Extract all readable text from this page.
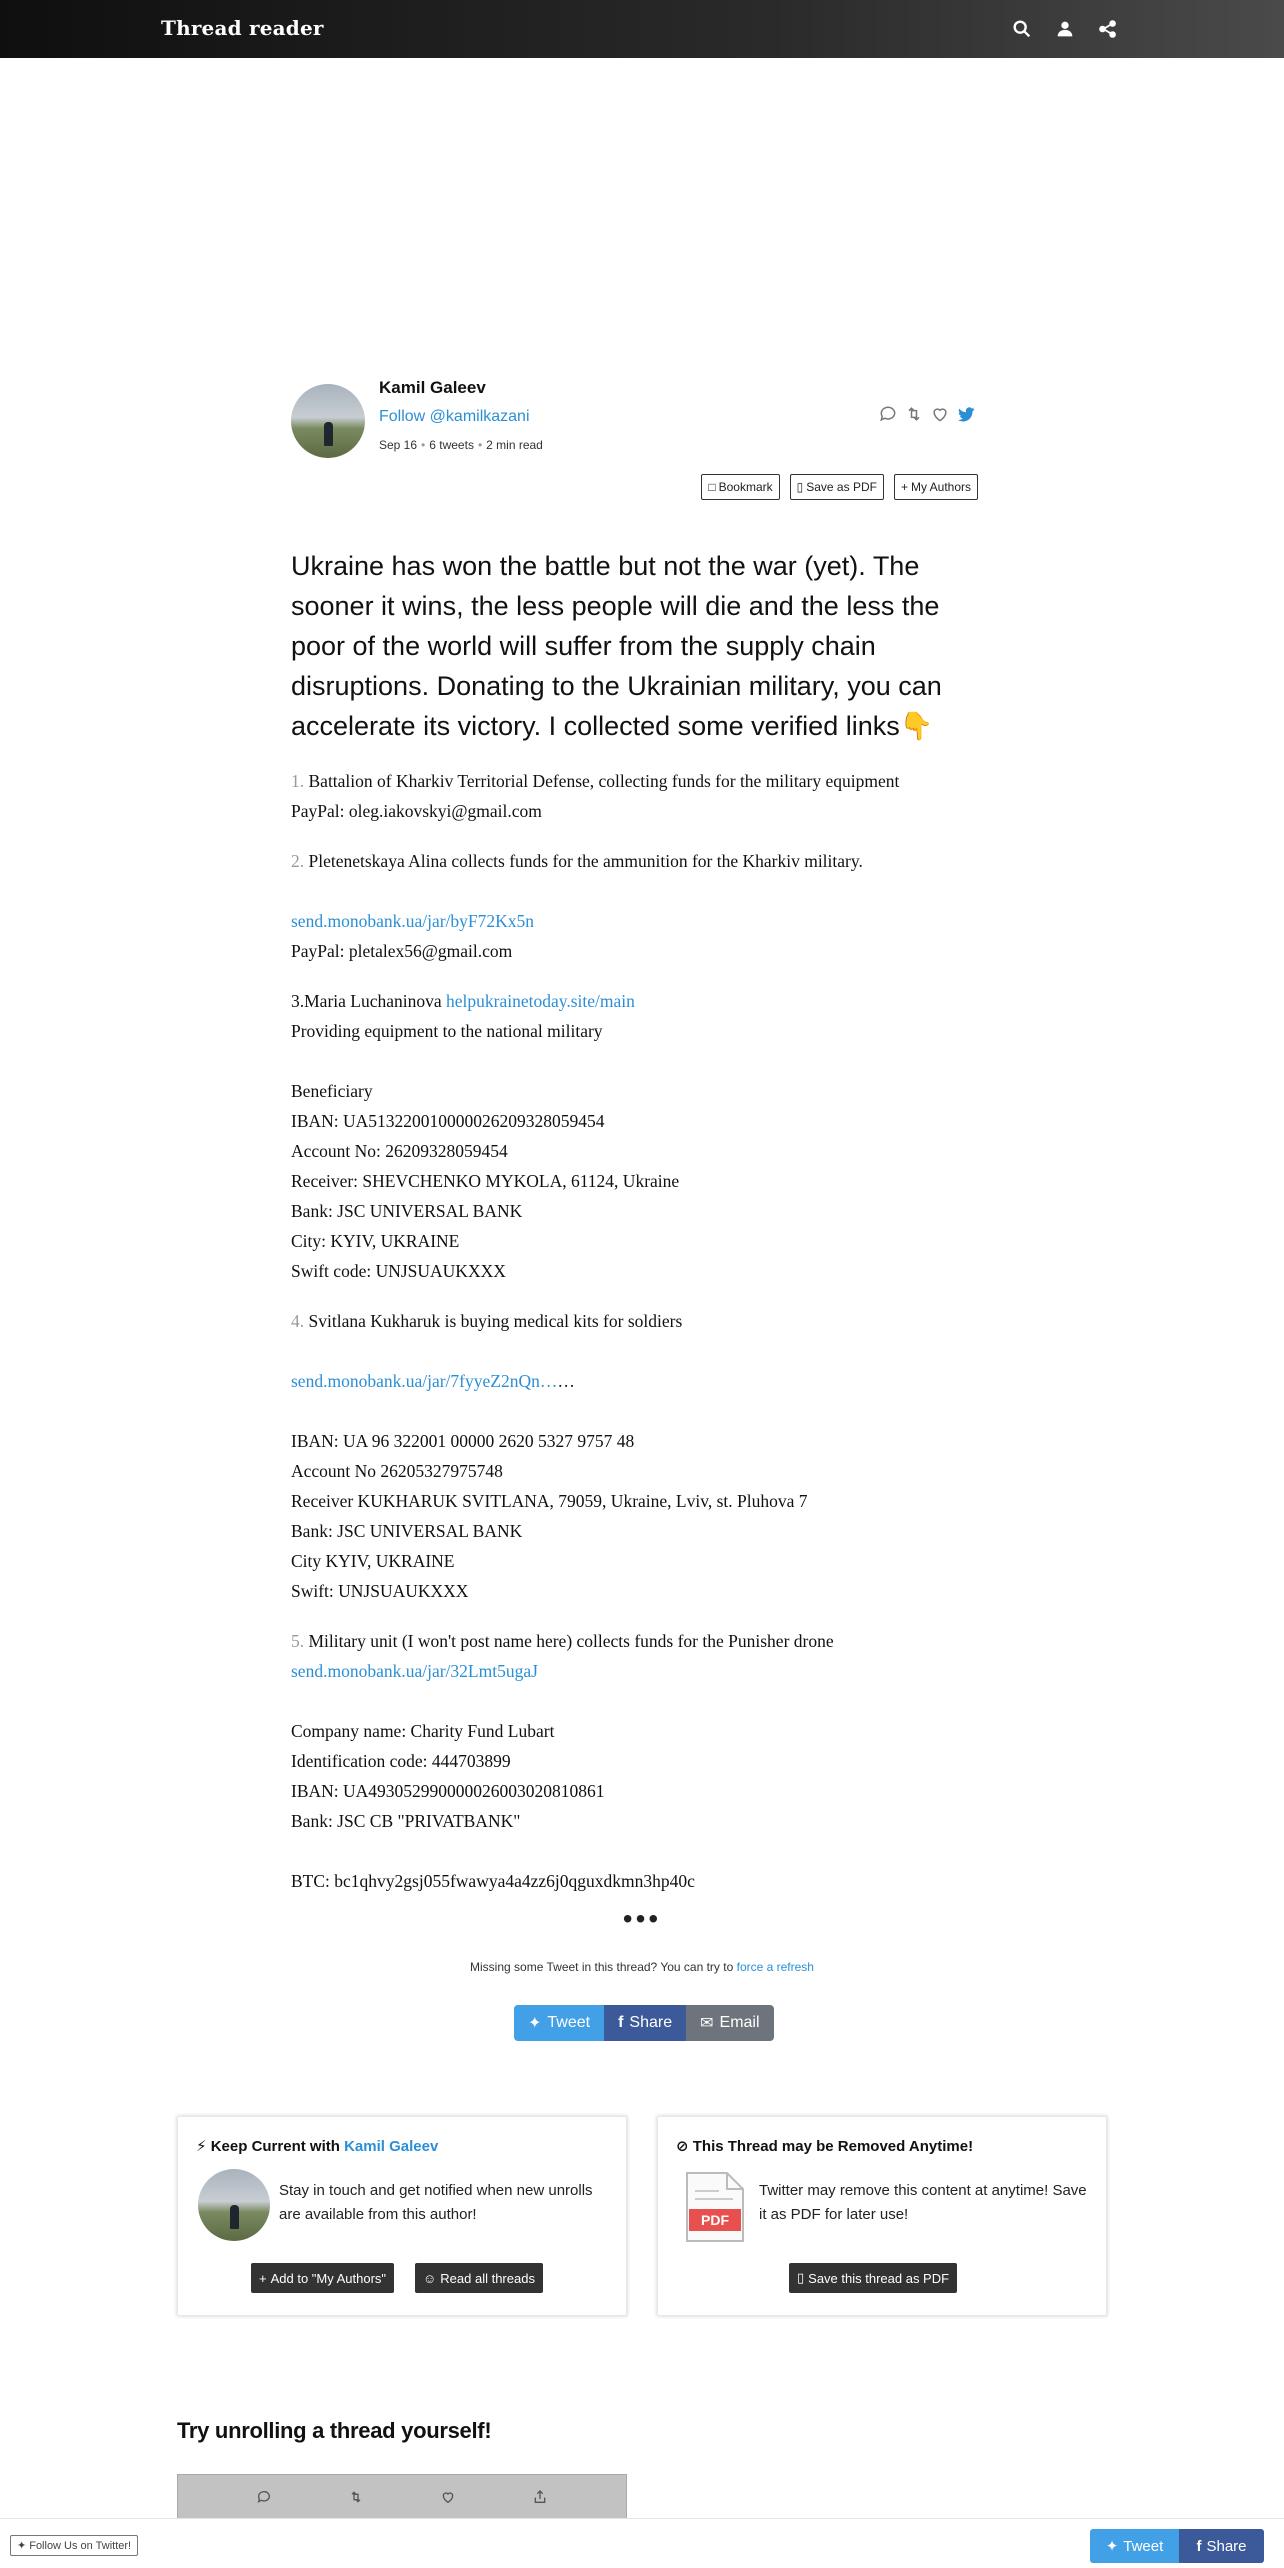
Thread reader
Kamil Galeev
Follow @kamilkazani
Sep 16 • 6 tweets • 2 min read
□ Bookmark ▯ Save as PDF + My Authors
Ukraine has won the battle but not the war (yet). The sooner it wins, the less people will die and the less the poor of the world will suffer from the supply chain disruptions. Donating to the Ukrainian military, you can accelerate its victory. I collected some verified links👇
1. Battalion of Kharkiv Territorial Defense, collecting funds for the military equipment
PayPal: oleg.iakovskyi@gmail.com
2. Pletenetskaya Alina collects funds for the ammunition for the Kharkiv military.

send.monobank.ua/jar/byF72Kx5n
PayPal: pletalex56@gmail.com
3.Maria Luchaninova helpukrainetoday.site/main
Providing equipment to the national military

Beneficiary
IBAN: UA513220010000026209328059454
Account No: 26209328059454
Receiver: SHEVCHENKO MYKOLA, 61124, Ukraine
Bank: JSC UNIVERSAL BANK
City: KYIV, UKRAINE
Swift code: UNJSUAUKXXX
4. Svitlana Kukharuk is buying medical kits for soldiers

send.monobank.ua/jar/7fyyeZ2nQn……

IBAN: UA 96 322001 00000 2620 5327 9757 48
Account No 26205327975748
Receiver KUKHARUK SVITLANA, 79059, Ukraine, Lviv, st. Pluhova 7
Bank: JSC UNIVERSAL BANK
City KYIV, UKRAINE
Swift: UNJSUAUKXXX
5. Military unit (I won't post name here) collects funds for the Punisher drone
send.monobank.ua/jar/32Lmt5ugaJ

Company name: Charity Fund Lubart
Identification code: 444703899
IBAN: UA493052990000026003020810861
Bank: JSC CB "PRIVATBANK"

BTC: bc1qhvy2gsj055fwawya4a4zz6j0qguxdkmn3hp40c
•••
Missing some Tweet in this thread? You can try to force a refresh
✦ Tweet f Share ✉ Email
⚡︎ Keep Current with Kamil Galeev
Stay in touch and get notified when new unrolls are available from this author!
+ Add to "My Authors"	☺ Read all threads
⊘ This Thread may be Removed Anytime!
PDF
Twitter may remove this content at anytime! Save it as PDF for later use!
▯ Save this thread as PDF
Try unrolling a thread yourself!
✦ Follow Us on Twitter!	✦ Tweet f Share
